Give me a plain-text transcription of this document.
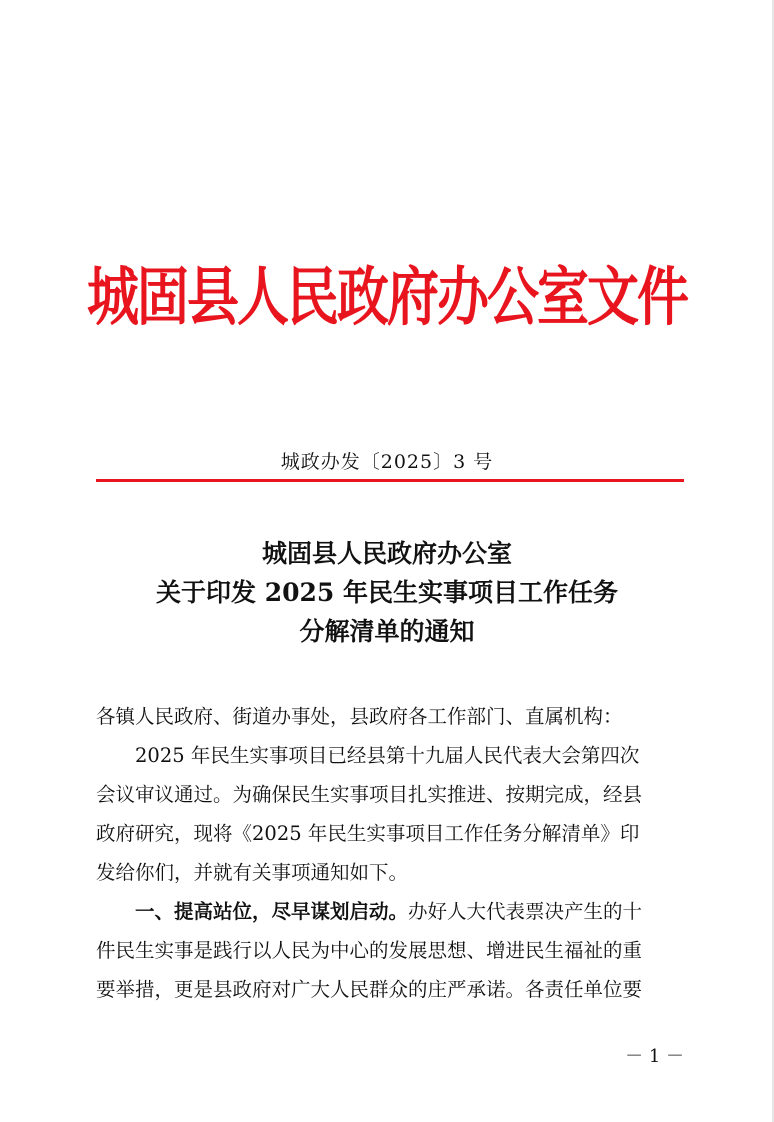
城固县人民政府办公室文件
城政办发〔2025〕3 号
城固县人民政府办公室
关于印发 2025 年民生实事项目工作任务
分解清单的通知

各镇人民政府、街道办事处，县政府各工作部门、直属机构：

2025 年民生实事项目已经县第十九届人民代表大会第四次
会议审议通过。为确保民生实事项目扎实推进、按期完成，经县
政府研究，现将《2025 年民生实事项目工作任务分解清单》印
发给你们，并就有关事项通知如下。

一、提高站位，尽早谋划启动。办好人大代表票决产生的十
件民生实事是践行以人民为中心的发展思想、增进民生福祉的重
要举措，更是县政府对广大人民群众的庄严承诺。各责任单位要

－ 1 －
